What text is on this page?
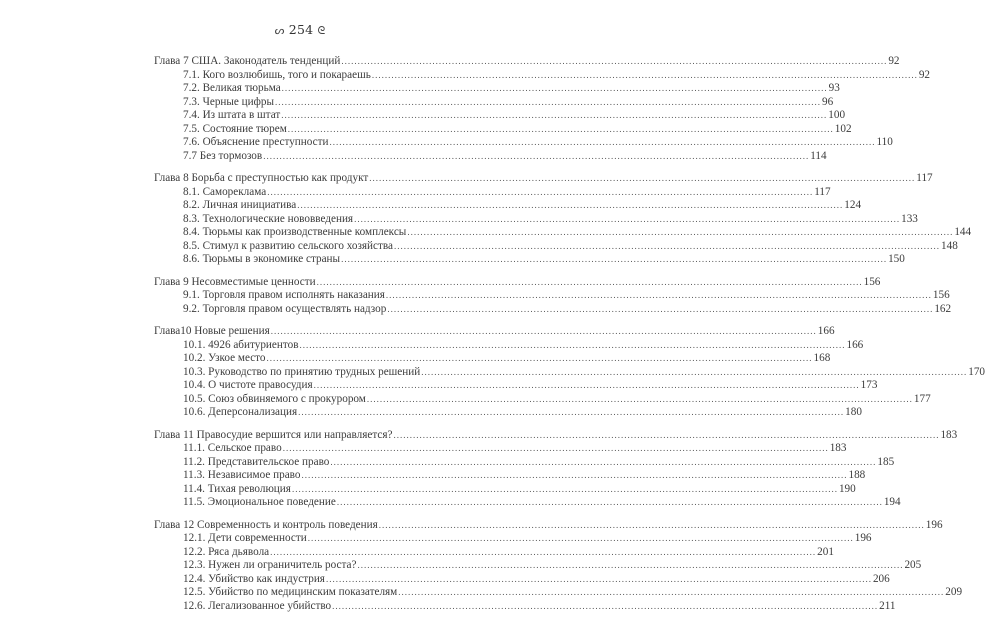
ᔕ 254 ᘓ
Глава 7 США. Законодатель тенденций .....	92
7.1. Кого возлюбишь, того и покараешь .....	92
7.2. Великая тюрьма .....	93
7.3. Черные цифры .....	96
7.4. Из штата в штат .....	100
7.5. Состояние тюрем .....	102
7.6. Объяснение преступности .....	110
7.7 Без тормозов .....	114
Глава 8 Борьба с преступностью как продукт .....	117
8.1. Самореклама .....	117
8.2. Личная инициатива .....	124
8.3. Технологические нововведения .....	133
8.4. Тюрьмы как производственные комплексы .....	144
8.5. Стимул к развитию сельского хозяйства .....	148
8.6. Тюрьмы в экономике страны .....	150
Глава 9 Несовместимые ценности .....	156
9.1. Торговля правом исполнять наказания .....	156
9.2. Торговля правом осуществлять надзор .....	162
Глава10 Новые решения .....	166
10.1. 4926 абитуриентов .....	166
10.2. Узкое место .....	168
10.3. Руководство по принятию трудных решений .....	170
10.4. О чистоте правосудия .....	173
10.5. Союз обвиняемого с прокурором .....	177
10.6. Деперсонализация .....	180
Глава 11 Правосудие вершится или направляется? .....	183
11.1. Сельское право .....	183
11.2. Представительское право .....	185
11.3. Независимое право .....	188
11.4. Тихая революция .....	190
11.5. Эмоциональное поведение .....	194
Глава 12 Современность и контроль поведения .....	196
12.1. Дети современности .....	196
12.2. Ряса дьявола .....	201
12.3. Нужен ли ограничитель роста? .....	205
12.4. Убийство как индустрия .....	206
12.5. Убийство по медицинским показателям .....	209
12.6. Легализованное убийство .....	211
